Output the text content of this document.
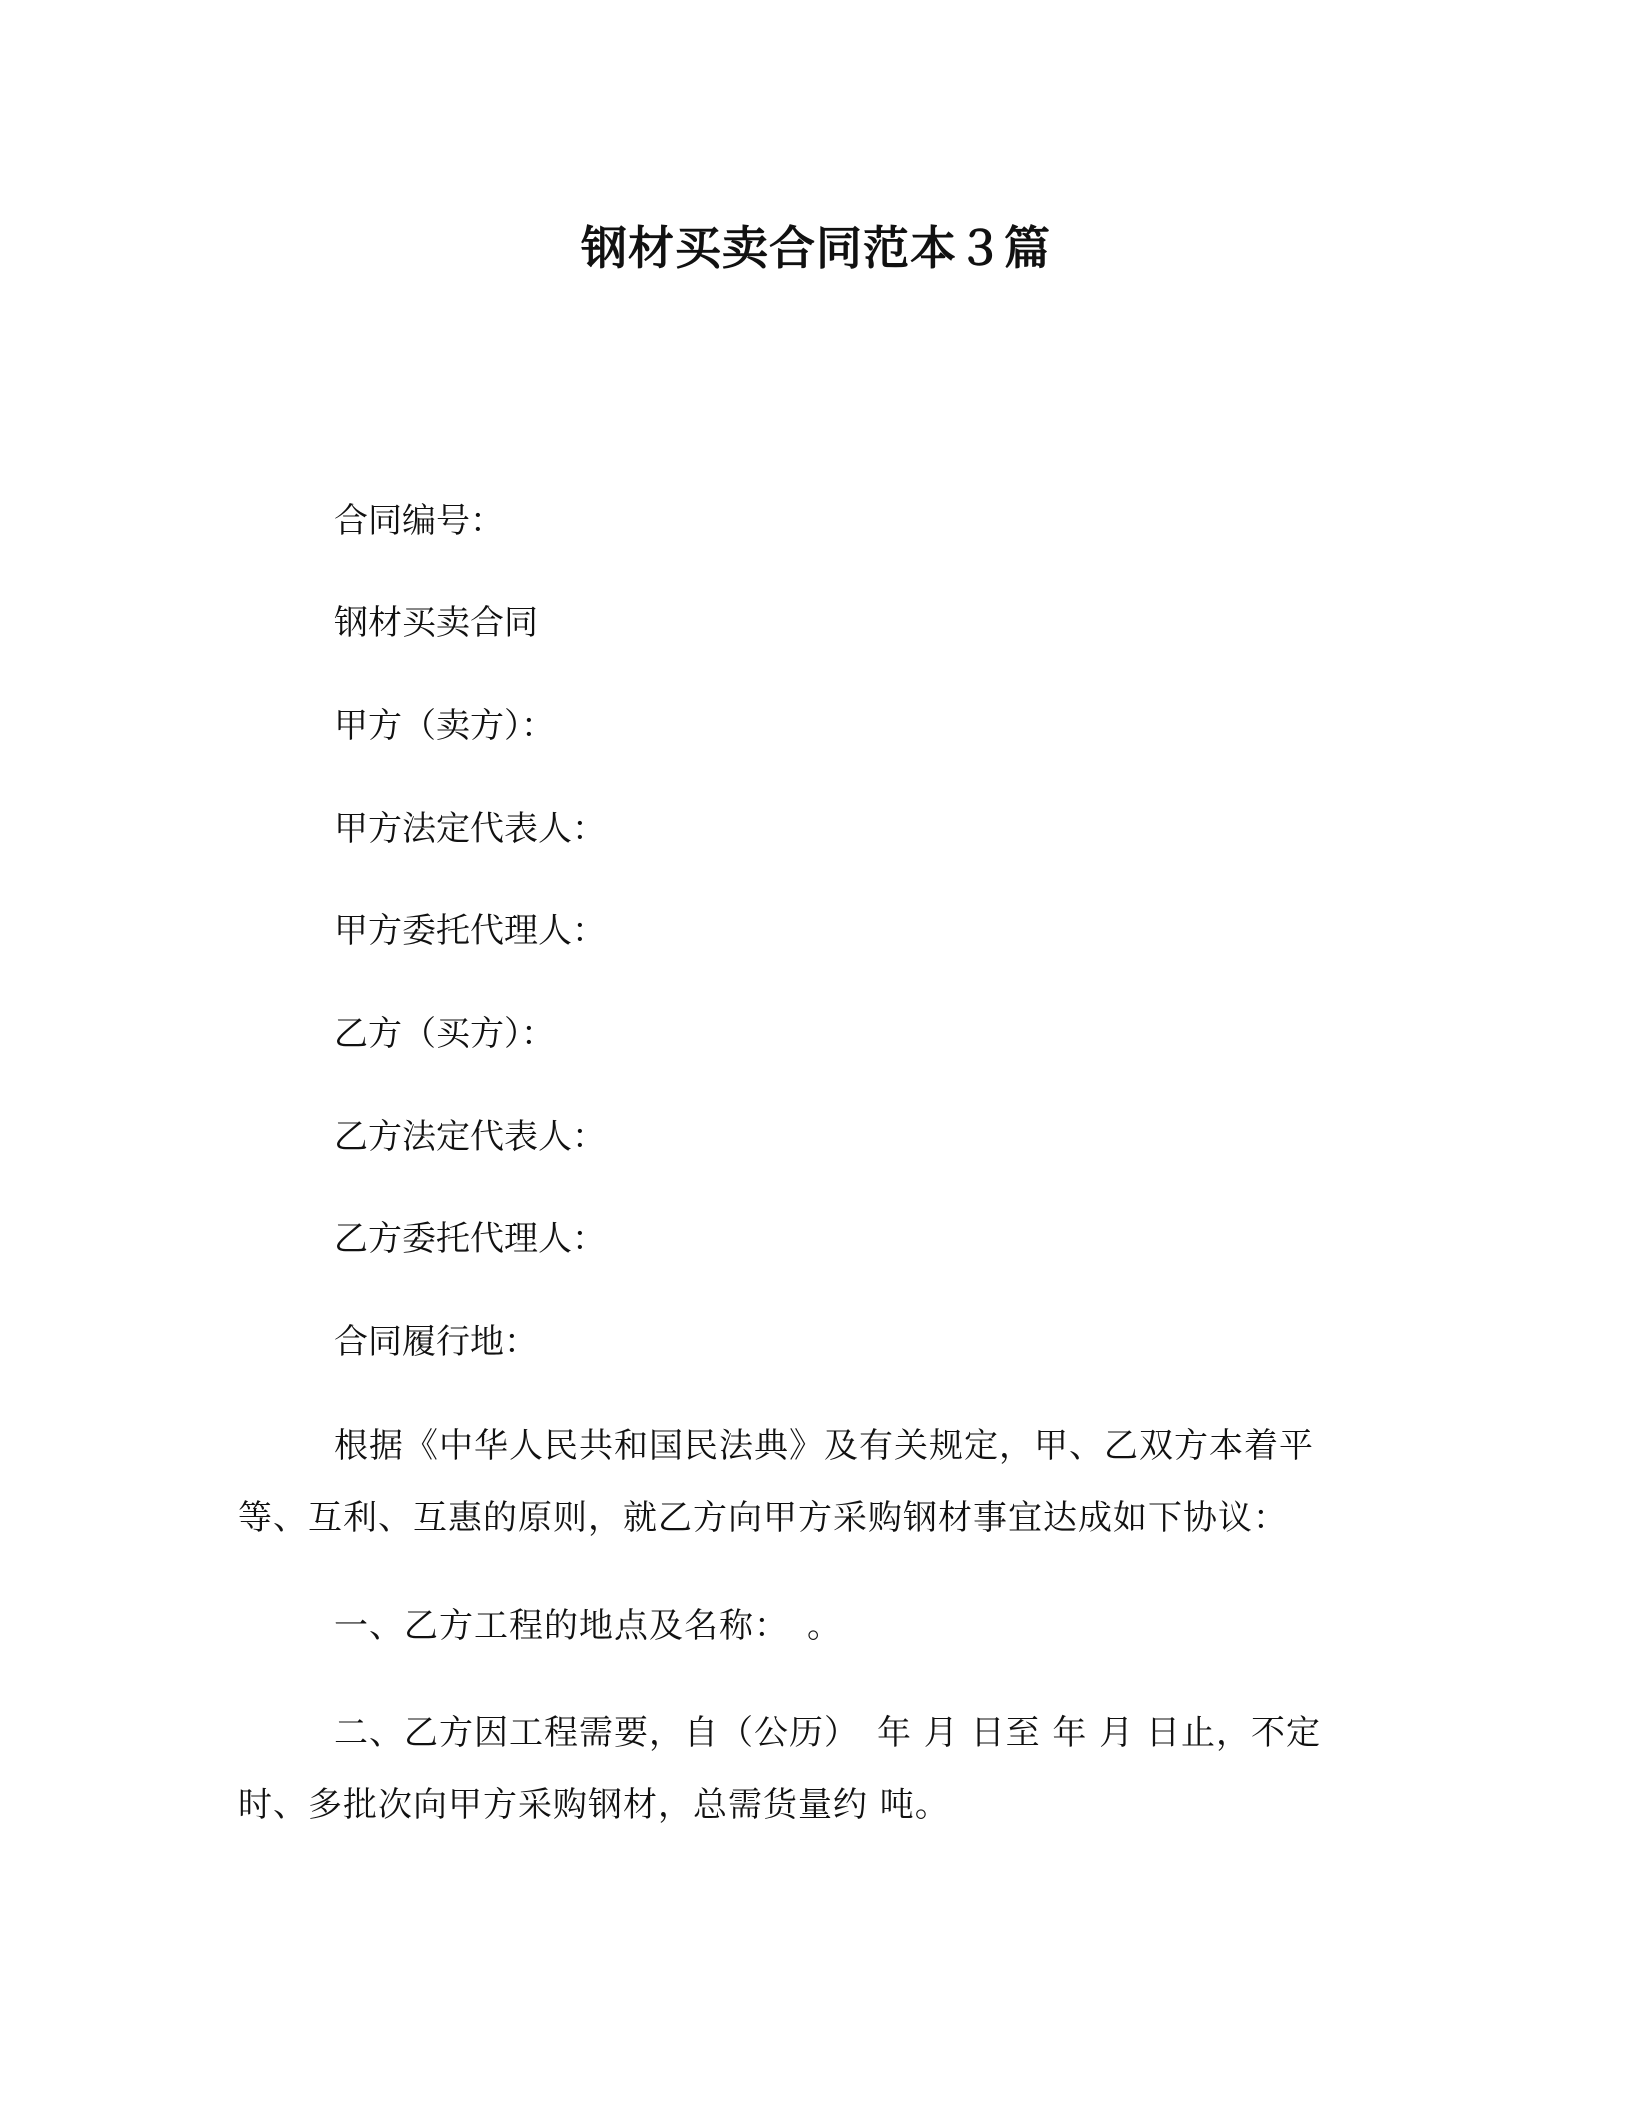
钢材买卖合同范本３篇
合同编号：
钢材买卖合同
甲方（卖方）：
甲方法定代表人：
甲方委托代理人：
乙方（买方）：
乙方法定代表人：
乙方委托代理人：
合同履行地：
根据《中华人民共和国民法典》及有关规定，甲、乙双方本着平等、互利、互惠的原则，就乙方向甲方采购钢材事宜达成如下协议：
一、乙方工程的地点及名称：　。
二、乙方因工程需要，自（公历）　年 月 日至 年 月 日止，不定时、多批次向甲方采购钢材，总需货量约 吨。
